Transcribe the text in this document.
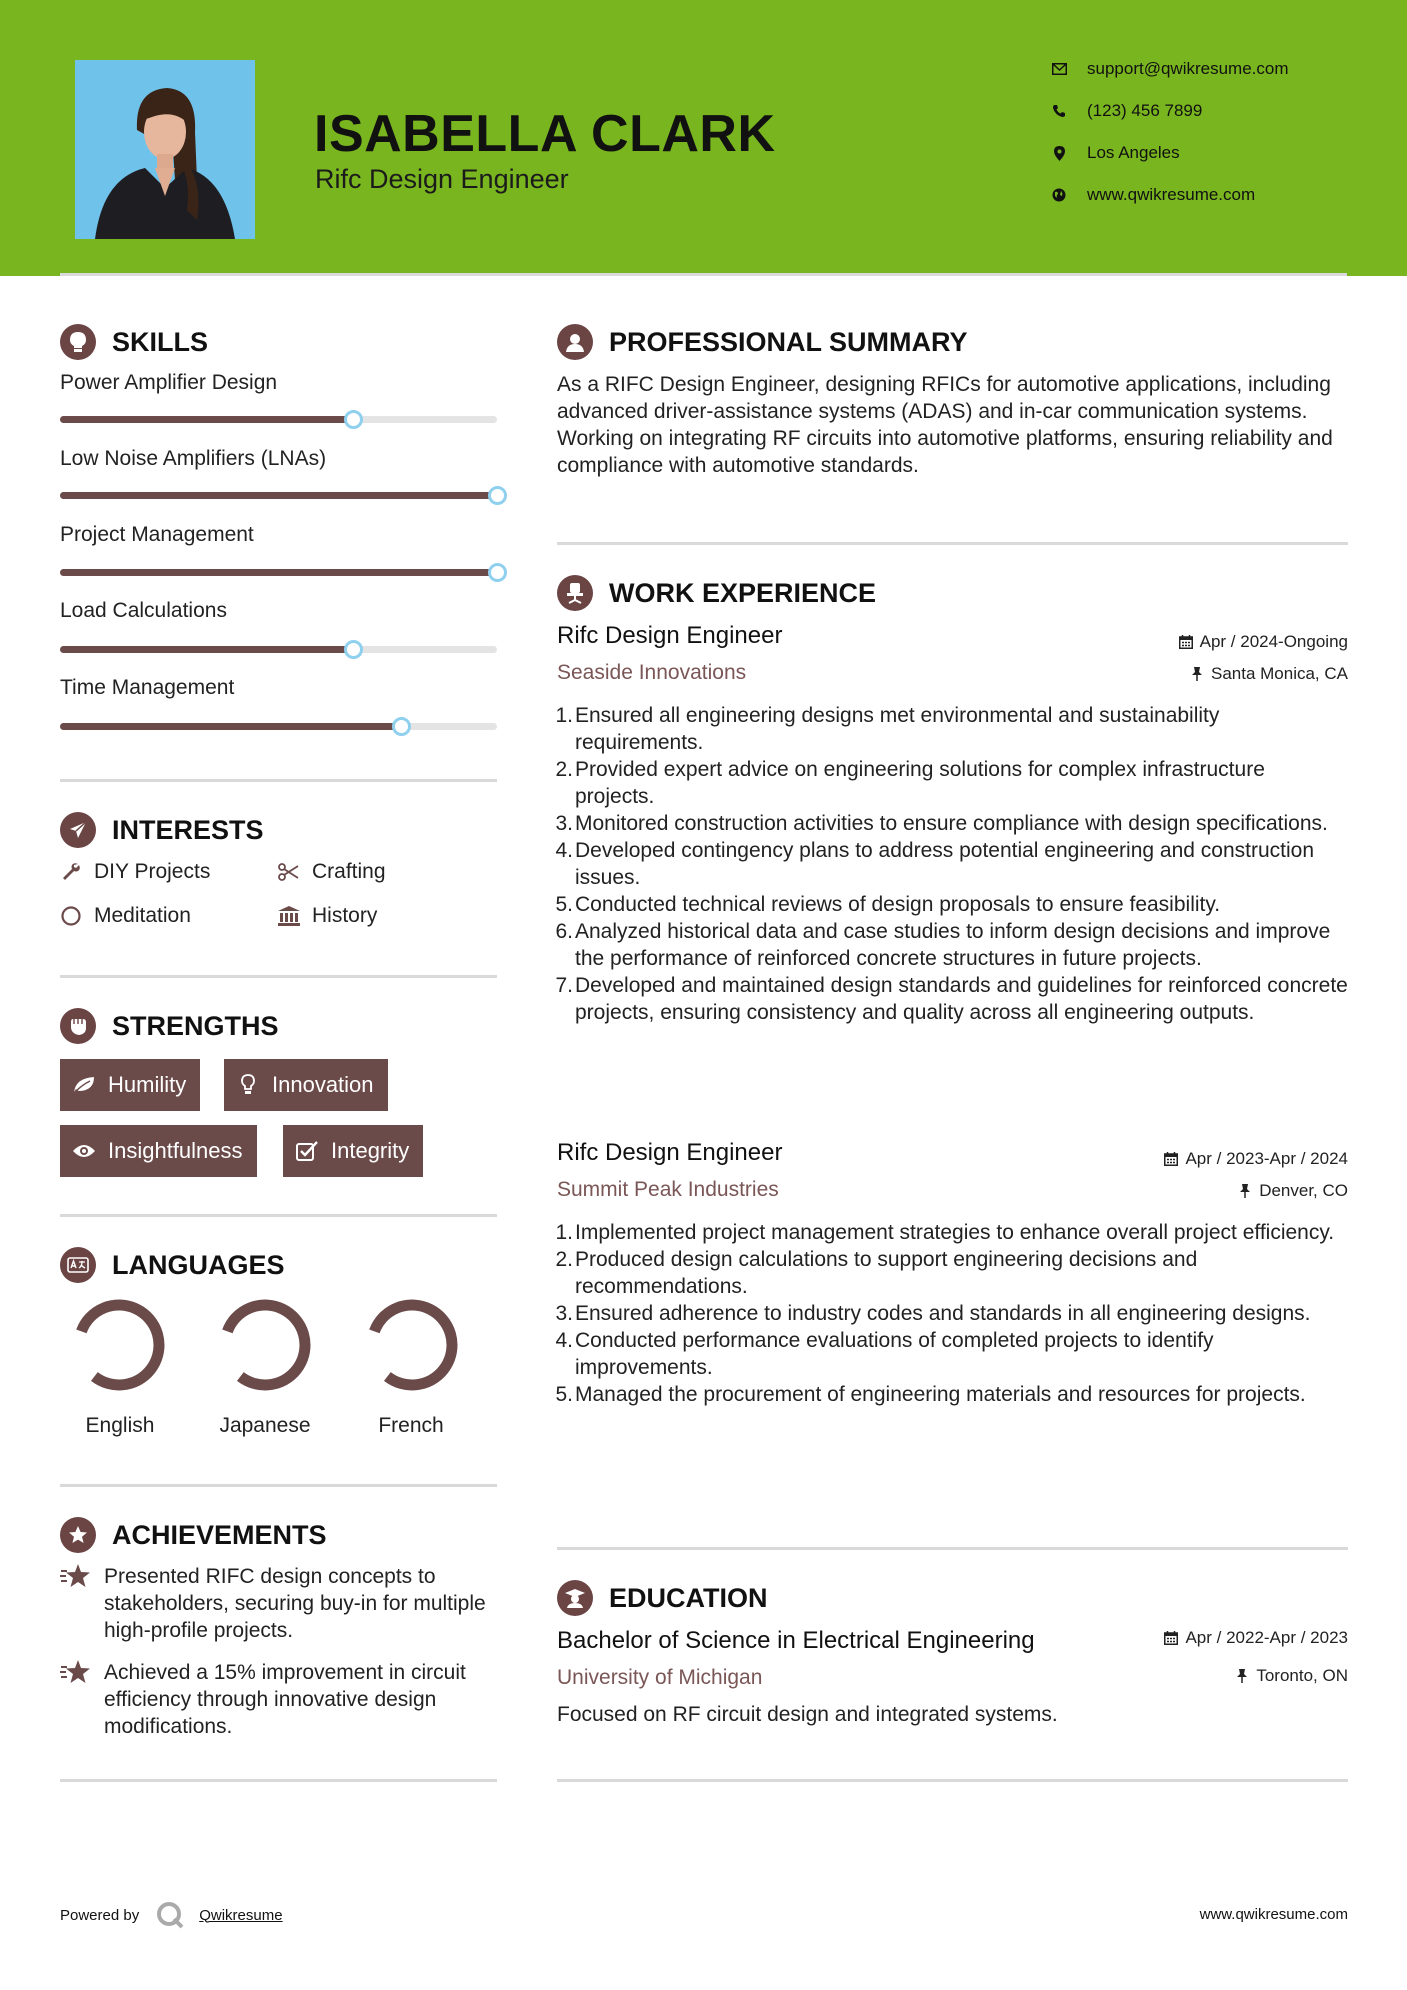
ISABELLA CLARK
Rifc Design Engineer
support@qwikresume.com
(123) 456 7899
Los Angeles
www.qwikresume.com
SKILLS
Power Amplifier Design
Low Noise Amplifiers (LNAs)
Project Management
Load Calculations
Time Management
INTERESTS
DIY Projects	Crafting
Meditation	History
STRENGTHS
Humility	Innovation
Insightfulness	Integrity
LANGUAGES
English	Japanese	French
ACHIEVEMENTS
Presented RIFC design concepts to stakeholders, securing buy-in for multiple high-profile projects.
Achieved a 15% improvement in circuit efficiency through innovative design modifications.
PROFESSIONAL SUMMARY
As a RIFC Design Engineer, designing RFICs for automotive applications, including advanced driver-assistance systems (ADAS) and in-car communication systems. Working on integrating RF circuits into automotive platforms, ensuring reliability and compliance with automotive standards.
WORK EXPERIENCE
Rifc Design Engineer	Apr / 2024-Ongoing
Seaside Innovations	Santa Monica, CA
1. Ensured all engineering designs met environmental and sustainability requirements.
2. Provided expert advice on engineering solutions for complex infrastructure projects.
3. Monitored construction activities to ensure compliance with design specifications.
4. Developed contingency plans to address potential engineering and construction issues.
5. Conducted technical reviews of design proposals to ensure feasibility.
6. Analyzed historical data and case studies to inform design decisions and improve the performance of reinforced concrete structures in future projects.
7. Developed and maintained design standards and guidelines for reinforced concrete projects, ensuring consistency and quality across all engineering outputs.
Rifc Design Engineer	Apr / 2023-Apr / 2024
Summit Peak Industries	Denver, CO
1. Implemented project management strategies to enhance overall project efficiency.
2. Produced design calculations to support engineering decisions and recommendations.
3. Ensured adherence to industry codes and standards in all engineering designs.
4. Conducted performance evaluations of completed projects to identify improvements.
5. Managed the procurement of engineering materials and resources for projects.
EDUCATION
Bachelor of Science in Electrical Engineering	Apr / 2022-Apr / 2023
University of Michigan	Toronto, ON
Focused on RF circuit design and integrated systems.
Powered by	Qwikresume	www.qwikresume.com
